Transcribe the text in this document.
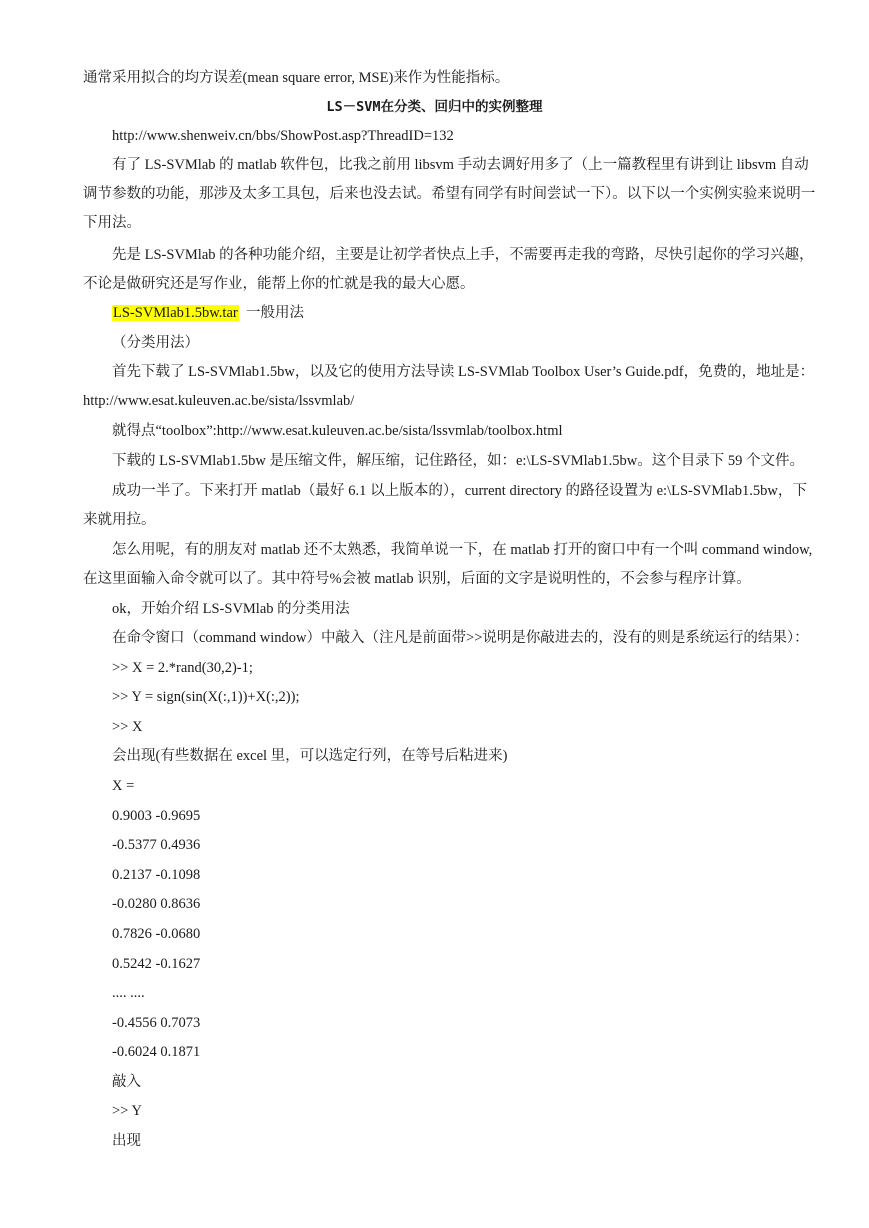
通常采用拟合的均方误差(mean square error, MSE)来作为性能指标。
LS－SVM在分类、回归中的实例整理
http://www.shenweiv.cn/bbs/ShowPost.asp?ThreadID=132
有了 LS-SVMlab 的 matlab 软件包，比我之前用 libsvm 手动去调好用多了（上一篇教程里有讲到让 libsvm 自动
调节参数的功能，那涉及太多工具包，后来也没去试。希望有同学有时间尝试一下）。以下以一个实例实验来说明一
下用法。
先是 LS-SVMlab 的各种功能介绍，主要是让初学者快点上手，不需要再走我的弯路，尽快引起你的学习兴趣，
不论是做研究还是写作业，能帮上你的忙就是我的最大心愿。
LS-SVMlab1.5bw.tar 一般用法
（分类用法）
首先下载了 LS-SVMlab1.5bw，以及它的使用方法导读 LS-SVMlab Toolbox User’s Guide.pdf，免费的，地址是：
http://www.esat.kuleuven.ac.be/sista/lssvmlab/
就得点“toolbox”:http://www.esat.kuleuven.ac.be/sista/lssvmlab/toolbox.html
下载的 LS-SVMlab1.5bw 是压缩文件，解压缩，记住路径，如：e:\LS-SVMlab1.5bw。这个目录下 59 个文件。
成功一半了。下来打开 matlab（最好 6.1 以上版本的），current directory 的路径设置为 e:\LS-SVMlab1.5bw，下
来就用拉。
怎么用呢，有的朋友对 matlab 还不太熟悉，我简单说一下，在 matlab 打开的窗口中有一个叫 command window,
在这里面输入命令就可以了。其中符号%会被 matlab 识别，后面的文字是说明性的，不会参与程序计算。
ok，开始介绍 LS-SVMlab 的分类用法
在命令窗口（command window）中敲入（注凡是前面带>>说明是你敲进去的，没有的则是系统运行的结果）：
>> X = 2.*rand(30,2)-1;
>> Y = sign(sin(X(:,1))+X(:,2));
>> X
会出现(有些数据在 excel 里，可以选定行列，在等号后粘进来)
X =
0.9003 -0.9695
-0.5377 0.4936
0.2137 -0.1098
-0.0280 0.8636
0.7826 -0.0680
0.5242 -0.1627
.... ....
-0.4556 0.7073
-0.6024 0.1871
敲入
>> Y
出现
